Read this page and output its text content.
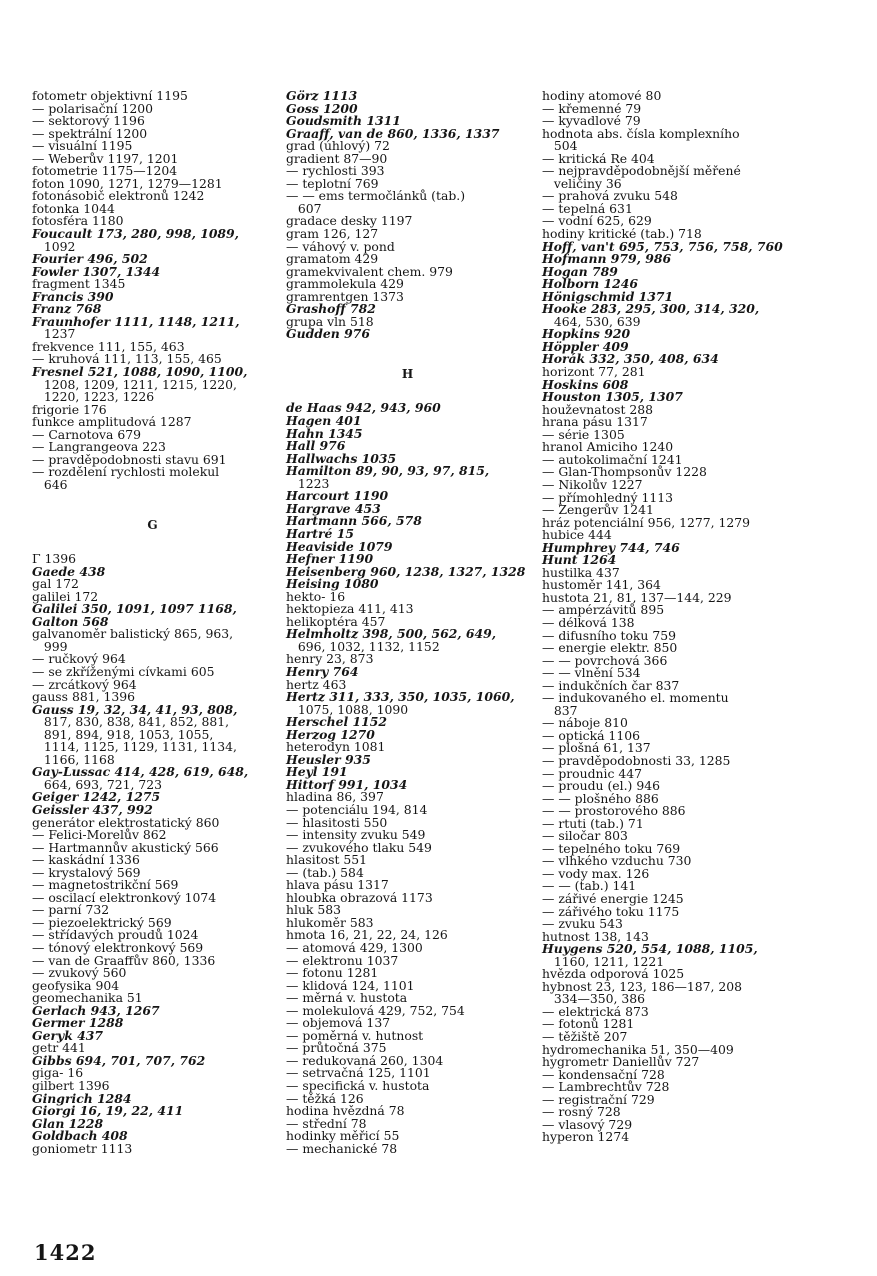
fotometr objektivní 1195
— polarisační 1200
— sektorový 1196
— spektrální 1200
— visuální 1195
— Weberův 1197, 1201
fotometrie 1175—1204
foton 1090, 1271, 1279—1281
fotonásobič elektronů 1242
fotonka 1044
fotosféra 1180
Foucault 173, 280, 998, 1089,
1092
Fourier 496, 502
Fowler 1307, 1344
fragment 1345
Francis 390
Franz 768
Fraunhofer 1111, 1148, 1211,
1237
frekvence 111, 155, 463
— kruhová 111, 113, 155, 465
Fresnel 521, 1088, 1090, 1100,
1208, 1209, 1211, 1215, 1220,
1220, 1223, 1226
frigorie 176
funkce amplitudová 1287
— Carnotova 679
— Langrangeova 223
— pravděpodobnosti stavu 691
— rozdělení rychlosti molekul
646
G
Γ 1396
Gaede 438
gal 172
galilei 172
Galilei 350, 1091, 1097 1168,
Galton 568
galvanoměr balistický 865, 963,
999
— ručkový 964
— se zkříženými cívkami 605
— zrcátkový 964
gauss 881, 1396
Gauss 19, 32, 34, 41, 93, 808,
817, 830, 838, 841, 852, 881,
891, 894, 918, 1053, 1055,
1114, 1125, 1129, 1131, 1134,
1166, 1168
Gay-Lussac 414, 428, 619, 648,
664, 693, 721, 723
Geiger 1242, 1275
Geissler 437, 992
generátor elektrostatický 860
— Felici-Morelův 862
— Hartmannův akustický 566
— kaskádní 1336
— krystalový 569
— magnetostrikční 569
— oscilací elektronkový 1074
— parní 732
— piezoelektrický 569
— střídavých proudů 1024
— tónový elektronkový 569
— van de Graaffův 860, 1336
— zvukový 560
geofysika 904
geomechanika 51
Gerlach 943, 1267
Germer 1288
Geryk 437
getr 441
Gibbs 694, 701, 707, 762
giga- 16
gilbert 1396
Gingrich 1284
Giorgi 16, 19, 22, 411
Glan 1228
Goldbach 408
goniometr 1113
Görz 1113
Goss 1200
Goudsmith 1311
Graaff, van de 860, 1336, 1337
grad (úhlový) 72
gradient 87—90
— rychlosti 393
— teplotní 769
— — ems termočlánků (tab.)
607
gradace desky 1197
gram 126, 127
— váhový v. pond
gramatom 429
gramekvivalent chem. 979
grammolekula 429
gramrentgen 1373
Grashoff 782
grupa vln 518
Gudden 976
H
de Haas 942, 943, 960
Hagen 401
Hahn 1345
Hall 976
Hallwachs 1035
Hamilton 89, 90, 93, 97, 815,
1223
Harcourt 1190
Hargrave 453
Hartmann 566, 578
Hartré 15
Heaviside 1079
Hefner 1190
Heisenberg 960, 1238, 1327, 1328
Heising 1080
hekto- 16
hektopieza 411, 413
helikoptéra 457
Helmholtz 398, 500, 562, 649,
696, 1032, 1132, 1152
henry 23, 873
Henry 764
hertz 463
Hertz 311, 333, 350, 1035, 1060,
1075, 1088, 1090
Herschel 1152
Herzog 1270
heterodyn 1081
Heusler 935
Heyl 191
Hittorf 991, 1034
hladina 86, 397
— potenciálu 194, 814
— hlasitosti 550
— intensity zvuku 549
— zvukového tlaku 549
hlasitost 551
— (tab.) 584
hlava pásu 1317
hloubka obrazová 1173
hluk 583
hlukoměr 583
hmota 16, 21, 22, 24, 126
— atomová 429, 1300
— elektronu 1037
— fotonu 1281
— klidová 124, 1101
— měrná v. hustota
— molekulová 429, 752, 754
— objemová 137
— poměrná v. hutnost
— průtočná 375
— redukovaná 260, 1304
— setrvačná 125, 1101
— specifická v. hustota
— těžká 126
hodina hvězdná 78
— střední 78
hodinky měřicí 55
— mechanické 78
hodiny atomové 80
— křemenné 79
— kyvadlové 79
hodnota abs. čísla komplexního
504
— kritická Re 404
— nejpravděpodobnější měřené
veličiny 36
— prahová zvuku 548
— tepelná 631
— vodní 625, 629
hodiny kritické (tab.) 718
Hoff, van't 695, 753, 756, 758, 760
Hofmann 979, 986
Hogan 789
Holborn 1246
Hönigschmid 1371
Hooke 283, 295, 300, 314, 320,
464, 530, 639
Hopkins 920
Höppler 409
Horák 332, 350, 408, 634
horizont 77, 281
Hoskins 608
Houston 1305, 1307
houževnatost 288
hrana pásu 1317
— série 1305
hranol Amiciho 1240
— autokolimační 1241
— Glan-Thompsonův 1228
— Nikolův 1227
— přímohledný 1113
— Zengerův 1241
hráz potenciální 956, 1277, 1279
hubice 444
Humphrey 744, 746
Hunt 1264
hustilka 437
hustoměr 141, 364
hustota 21, 81, 137—144, 229
— ampérzávitů 895
— délková 138
— difusního toku 759
— energie elektr. 850
— — povrchová 366
— — vlnění 534
— indukčních čar 837
— indukovaného el. momentu
837
— náboje 810
— optická 1106
— plošná 61, 137
— pravděpodobnosti 33, 1285
— proudnic 447
— proudu (el.) 946
— — plošného 886
— — prostorového 886
— rtuti (tab.) 71
— siločar 803
— tepelného toku 769
— vlhkého vzduchu 730
— vody max. 126
— — (tab.) 141
— zářivé energie 1245
— zářivého toku 1175
— zvuku 543
hutnost 138, 143
Huygens 520, 554, 1088, 1105,
1160, 1211, 1221
hvězda odporová 1025
hybnost 23, 123, 186—187, 208
334—350, 386
— elektrická 873
— fotonů 1281
— těžiště 207
hydromechanika 51, 350—409
hygrometr Daniellův 727
— kondensační 728
— Lambrechtův 728
— registrační 729
— rosný 728
— vlasový 729
hyperon 1274
1422
